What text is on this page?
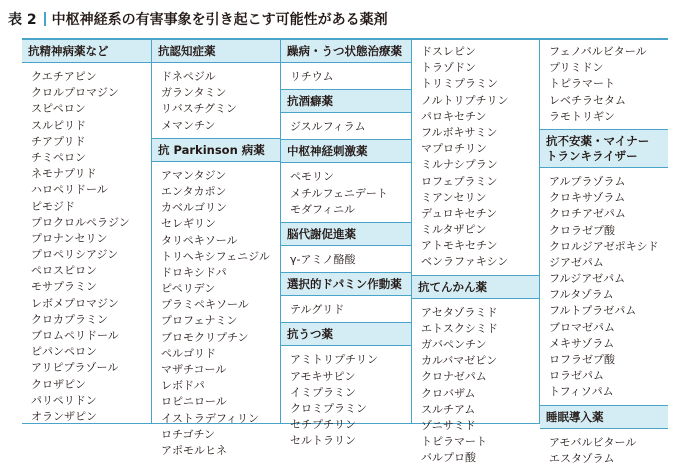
表 2 中枢神経系の有害事象を引き起こす可能性がある薬剤
抗精神病薬など
クエチアピン
クロルプロマジン
スピペロン
スルピリド
チアプリド
チミペロン
ネモナプリド
ハロペリドール
ピモジド
プロクロルペラジン
プロナンセリン
プロペリシアジン
ペロスピロン
モサプラミン
レボメプロマジン
クロカプラミン
ブロムペリドール
ピパンペロン
アリピプラゾール
クロザピン
パリペリドン
オランザピン
抗認知症薬
ドネペジル
ガランタミン
リバスチグミン
メマンチン
抗 Parkinson 病薬
アマンタジン
エンタカポン
カベルゴリン
セレギリン
タリペキソール
トリヘキシフェニジル
ドロキシドパ
ピペリデン
プラミペキソール
プロフェナミン
ブロモクリプチン
ペルゴリド
マザチコール
レボドパ
ロピニロール
イストラデフィリン
ロチゴチン
アポモルヒネ
躁病・うつ状態治療薬
リチウム
抗酒癖薬
ジスルフィラム
中枢神経刺激薬
ペモリン
メチルフェニデート
モダフィニル
脳代謝促進薬
γ-アミノ酪酸
選択的ドパミン作動薬
テルグリド
抗うつ薬
アミトリプチリン
アモキサピン
イミプラミン
クロミプラミン
セチプチリン
セルトラリン
ドスレピン
トラゾドン
トリミプラミン
ノルトリプチリン
パロキセチン
フルボキサミン
マプロチリン
ミルナシプラン
ロフェプラミン
ミアンセリン
デュロキセチン
ミルタザピン
アトモキセチン
ベンラファキシン
抗てんかん薬
アセタゾラミド
エトスクシミド
ガバペンチン
カルバマゼピン
クロナゼパム
クロバザム
スルチアム
ゾニサミド
トピラマート
バルプロ酸
フェノバルビタール
プリミドン
トピラマート
レベチラセタム
ラモトリギン
抗不安薬・マイナー
トランキライザー
アルプラゾラム
クロキサゾラム
クロチアゼパム
クロラゼプ酸
クロルジアゼポキシド
ジアゼパム
フルジアゼパム
フルタゾラム
フルトプラゼパム
ブロマゼパム
メキサゾラム
ロフラゼプ酸
ロラゼパム
トフィソパム
睡眠導入薬
アモバルビタール
エスタゾラム
